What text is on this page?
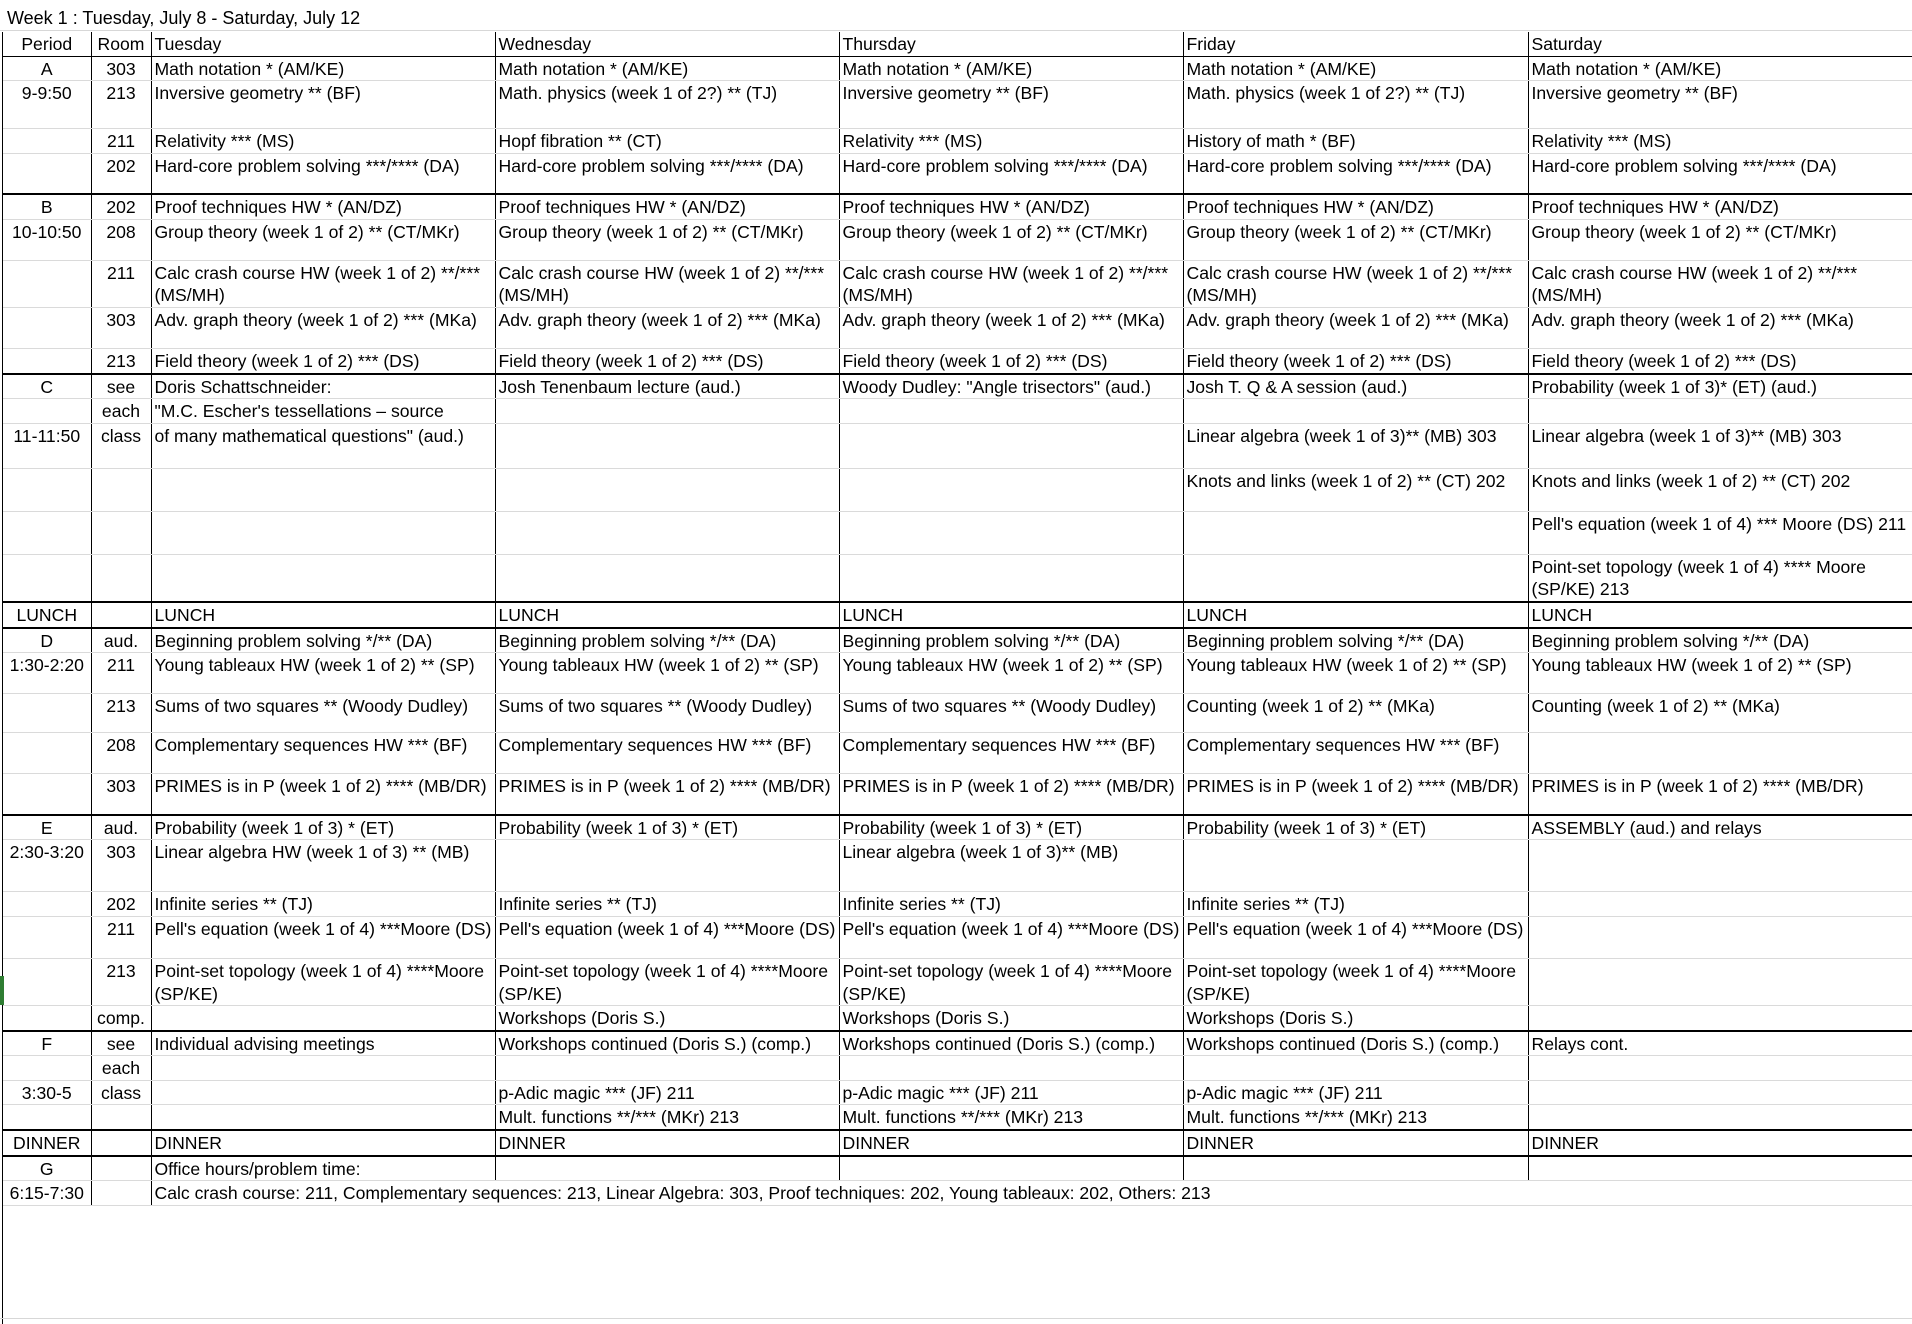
Week 1 : Tuesday, July 8 - Saturday, July 12
Period	Room	Tuesday	Wednesday	Thursday	Friday	Saturday
A	303	Math notation * (AM/KE)	Math notation * (AM/KE)	Math notation * (AM/KE)	Math notation * (AM/KE)	Math notation * (AM/KE)
9-9:50	213	Inversive geometry ** (BF)	Math. physics (week 1 of 2?) ** (TJ)	Inversive geometry ** (BF)	Math. physics (week 1 of 2?) ** (TJ)	Inversive geometry ** (BF)
	211	Relativity *** (MS)	Hopf fibration ** (CT)	Relativity *** (MS)	History of math * (BF)	Relativity *** (MS)
	202	Hard-core problem solving ***/**** (DA)	Hard-core problem solving ***/**** (DA)	Hard-core problem solving ***/**** (DA)	Hard-core problem solving ***/**** (DA)	Hard-core problem solving ***/**** (DA)
B	202	Proof techniques HW * (AN/DZ)	Proof techniques HW * (AN/DZ)	Proof techniques HW * (AN/DZ)	Proof techniques HW * (AN/DZ)	Proof techniques HW * (AN/DZ)
10-10:50	208	Group theory (week 1 of 2) ** (CT/MKr)	Group theory (week 1 of 2) ** (CT/MKr)	Group theory (week 1 of 2) ** (CT/MKr)	Group theory (week 1 of 2) ** (CT/MKr)	Group theory (week 1 of 2) ** (CT/MKr)
	211	Calc crash course HW (week 1 of 2) **/*** (MS/MH)	Calc crash course HW (week 1 of 2) **/*** (MS/MH)	Calc crash course HW (week 1 of 2) **/*** (MS/MH)	Calc crash course HW (week 1 of 2) **/*** (MS/MH)	Calc crash course HW (week 1 of 2) **/*** (MS/MH)
	303	Adv. graph theory (week 1 of 2) *** (MKa)	Adv. graph theory (week 1 of 2) *** (MKa)	Adv. graph theory (week 1 of 2) *** (MKa)	Adv. graph theory (week 1 of 2) *** (MKa)	Adv. graph theory (week 1 of 2) *** (MKa)
	213	Field theory (week 1 of 2) *** (DS)	Field theory (week 1 of 2) *** (DS)	Field theory (week 1 of 2) *** (DS)	Field theory (week 1 of 2) *** (DS)	Field theory (week 1 of 2) *** (DS)
C	see	Doris Schattschneider:	Josh Tenenbaum lecture (aud.)	Woody Dudley: "Angle trisectors" (aud.)	Josh T. Q & A session (aud.)	Probability (week 1 of 3)* (ET) (aud.)
	each	"M.C. Escher's tessellations – source				
11-11:50	class	of many mathematical questions" (aud.)			Linear algebra (week 1 of 3)** (MB) 303	Linear algebra (week 1 of 3)** (MB) 303
					Knots and links (week 1 of 2) ** (CT) 202	Knots and links (week 1 of 2) ** (CT) 202
						Pell's equation (week 1 of 4) *** Moore (DS) 211
						Point-set topology (week 1 of 4) **** Moore (SP/KE) 213
LUNCH		LUNCH	LUNCH	LUNCH	LUNCH	LUNCH
D	aud.	Beginning problem solving */** (DA)	Beginning problem solving */** (DA)	Beginning problem solving */** (DA)	Beginning problem solving */** (DA)	Beginning problem solving */** (DA)
1:30-2:20	211	Young tableaux HW (week 1 of 2) ** (SP)	Young tableaux HW (week 1 of 2) ** (SP)	Young tableaux HW (week 1 of 2) ** (SP)	Young tableaux HW (week 1 of 2) ** (SP)	Young tableaux HW (week 1 of 2) ** (SP)
	213	Sums of two squares ** (Woody Dudley)	Sums of two squares ** (Woody Dudley)	Sums of two squares ** (Woody Dudley)	Counting (week 1 of 2) ** (MKa)	Counting (week 1 of 2) ** (MKa)
	208	Complementary sequences HW *** (BF)	Complementary sequences HW *** (BF)	Complementary sequences HW *** (BF)	Complementary sequences HW *** (BF)	
	303	PRIMES is in P (week 1 of 2) **** (MB/DR)	PRIMES is in P (week 1 of 2) **** (MB/DR)	PRIMES is in P (week 1 of 2) **** (MB/DR)	PRIMES is in P (week 1 of 2) **** (MB/DR)	PRIMES is in P (week 1 of 2) **** (MB/DR)
E	aud.	Probability (week 1 of 3) * (ET)	Probability (week 1 of 3) * (ET)	Probability (week 1 of 3) * (ET)	Probability (week 1 of 3) * (ET)	ASSEMBLY (aud.) and relays
2:30-3:20	303	Linear algebra HW (week 1 of 3) ** (MB)		Linear algebra (week 1 of 3)** (MB)		
	202	Infinite series ** (TJ)	Infinite series ** (TJ)	Infinite series ** (TJ)	Infinite series ** (TJ)	
	211	Pell's equation (week 1 of 4) ***Moore (DS)	Pell's equation (week 1 of 4) ***Moore (DS)	Pell's equation (week 1 of 4) ***Moore (DS)	Pell's equation (week 1 of 4) ***Moore (DS)	
	213	Point-set topology (week 1 of 4) ****Moore (SP/KE)	Point-set topology (week 1 of 4) ****Moore (SP/KE)	Point-set topology (week 1 of 4) ****Moore (SP/KE)	Point-set topology (week 1 of 4) ****Moore (SP/KE)	
	comp.		Workshops (Doris S.)	Workshops (Doris S.)	Workshops (Doris S.)	
F	see	Individual advising meetings	Workshops continued (Doris S.) (comp.)	Workshops continued (Doris S.) (comp.)	Workshops continued (Doris S.) (comp.)	Relays cont.
	each					
3:30-5	class		p-Adic magic *** (JF) 211	p-Adic magic *** (JF) 211	p-Adic magic *** (JF) 211	
			Mult. functions **/*** (MKr) 213	Mult. functions **/*** (MKr) 213	Mult. functions **/*** (MKr) 213	
DINNER		DINNER	DINNER	DINNER	DINNER	DINNER
G		Office hours/problem time:				
6:15-7:30		Calc crash course: 211, Complementary sequences: 213, Linear Algebra: 303, Proof techniques: 202, Young tableaux: 202, Others: 213				
